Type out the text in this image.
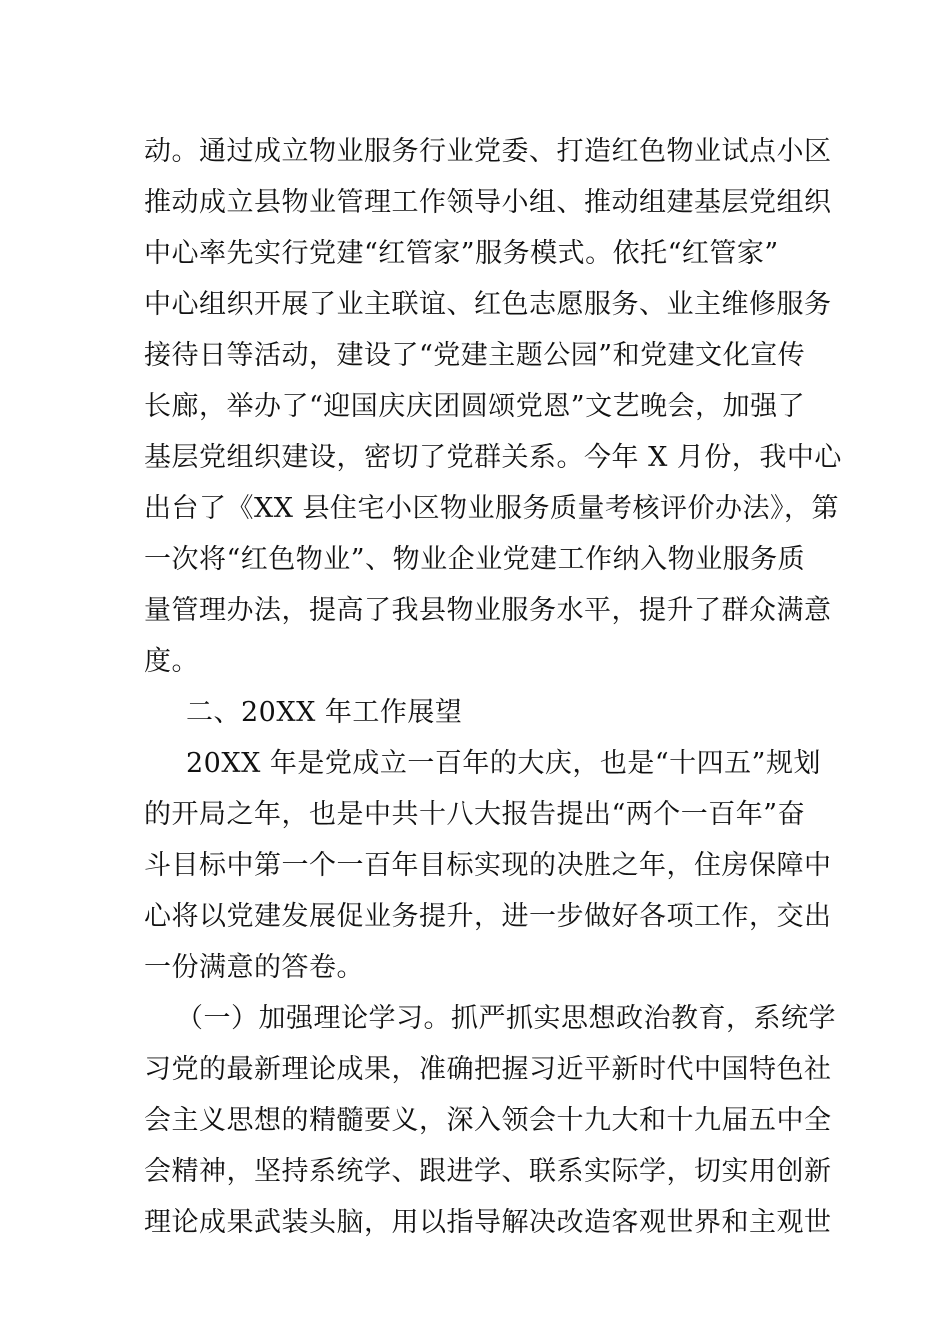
动。通过成立物业服务行业党委、打造红色物业试点小区

推动成立县物业管理工作领导小组、推动组建基层党组织

中心率先实行党建“红管家”服务模式。依托“红管家”

中心组织开展了业主联谊、红色志愿服务、业主维修服务

接待日等活动，建设了“党建主题公园”和党建文化宣传

长廊，举办了“迎国庆庆团圆颂党恩”文艺晚会，加强了

基层党组织建设，密切了党群关系。今年 X 月份，我中心

出台了《XX 县住宅小区物业服务质量考核评价办法》，第

一次将“红色物业”、物业企业党建工作纳入物业服务质

量管理办法，提高了我县物业服务水平，提升了群众满意

度。

二、20XX 年工作展望

20XX 年是党成立一百年的大庆，也是“十四五”规划

的开局之年，也是中共十八大报告提出“两个一百年”奋

斗目标中第一个一百年目标实现的决胜之年，住房保障中

心将以党建发展促业务提升，进一步做好各项工作，交出

一份满意的答卷。

（一）加强理论学习。抓严抓实思想政治教育，系统学

习党的最新理论成果，准确把握习近平新时代中国特色社

会主义思想的精髓要义，深入领会十九大和十九届五中全

会精神，坚持系统学、跟进学、联系实际学，切实用创新

理论成果武装头脑，用以指导解决改造客观世界和主观世
